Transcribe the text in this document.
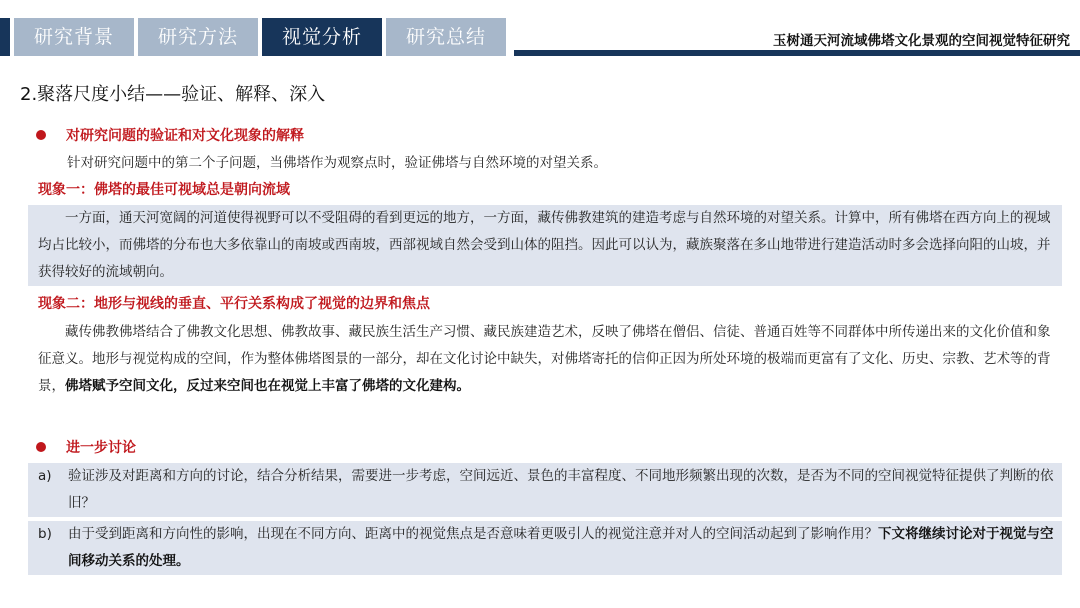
研究背景	研究方法	视觉分析	研究总结	玉树通天河流域佛塔文化景观的空间视觉特征研究
2.聚落尺度小结——验证、解释、深入
对研究问题的验证和对文化现象的解释
针对研究问题中的第二个子问题，当佛塔作为观察点时，验证佛塔与自然环境的对望关系。
现象一：佛塔的最佳可视域总是朝向流域
一方面，通天河宽阔的河道使得视野可以不受阻碍的看到更远的地方，一方面，藏传佛教建筑的建造考虑与自然环境的对望关系。计算中，所有佛塔在西方向上的视域均占比较小，而佛塔的分布也大多依靠山的南坡或西南坡，西部视域自然会受到山体的阻挡。因此可以认为，藏族聚落在多山地带进行建造活动时多会选择向阳的山坡，并获得较好的流域朝向。
现象二：地形与视线的垂直、平行关系构成了视觉的边界和焦点
藏传佛教佛塔结合了佛教文化思想、佛教故事、藏民族生活生产习惯、藏民族建造艺术，反映了佛塔在僧侣、信徒、普通百姓等不同群体中所传递出来的文化价值和象征意义。地形与视觉构成的空间，作为整体佛塔图景的一部分，却在文化讨论中缺失，对佛塔寄托的信仰正因为所处环境的极端而更富有了文化、历史、宗教、艺术等的背景，佛塔赋予空间文化，反过来空间也在视觉上丰富了佛塔的文化建构。
进一步讨论
a)	验证涉及对距离和方向的讨论，结合分析结果，需要进一步考虑，空间远近、景色的丰富程度、不同地形频繁出现的次数，是否为不同的空间视觉特征提供了判断的依旧？
b)	由于受到距离和方向性的影响，出现在不同方向、距离中的视觉焦点是否意味着更吸引人的视觉注意并对人的空间活动起到了影响作用？下文将继续讨论对于视觉与空间移动关系的处理。
